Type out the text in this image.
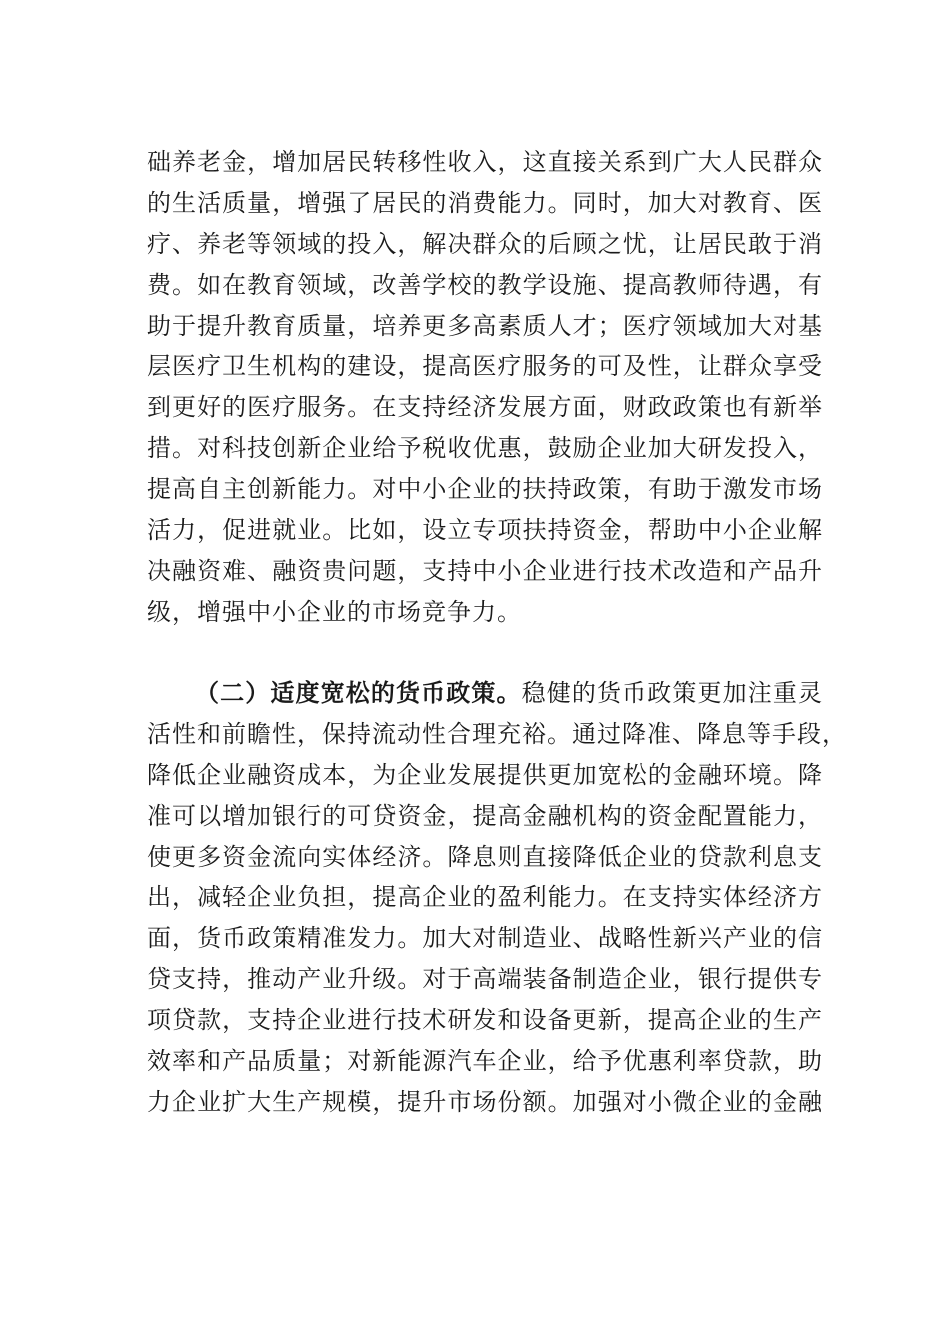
础养老金，增加居民转移性收入，这直接关系到广大人民群众
的生活质量，增强了居民的消费能力。同时，加大对教育、医
疗、养老等领域的投入，解决群众的后顾之忧，让居民敢于消
费。如在教育领域，改善学校的教学设施、提高教师待遇，有
助于提升教育质量，培养更多高素质人才；医疗领域加大对基
层医疗卫生机构的建设，提高医疗服务的可及性，让群众享受
到更好的医疗服务。在支持经济发展方面，财政政策也有新举
措。对科技创新企业给予税收优惠，鼓励企业加大研发投入，
提高自主创新能力。对中小企业的扶持政策，有助于激发市场
活力，促进就业。比如，设立专项扶持资金，帮助中小企业解
决融资难、融资贵问题，支持中小企业进行技术改造和产品升
级，增强中小企业的市场竞争力。
（二）适度宽松的货币政策。稳健的货币政策更加注重灵
活性和前瞻性，保持流动性合理充裕。通过降准、降息等手段，
降低企业融资成本，为企业发展提供更加宽松的金融环境。降
准可以增加银行的可贷资金，提高金融机构的资金配置能力，
使更多资金流向实体经济。降息则直接降低企业的贷款利息支
出，减轻企业负担，提高企业的盈利能力。在支持实体经济方
面，货币政策精准发力。加大对制造业、战略性新兴产业的信
贷支持，推动产业升级。对于高端装备制造企业，银行提供专
项贷款，支持企业进行技术研发和设备更新，提高企业的生产
效率和产品质量；对新能源汽车企业，给予优惠利率贷款，助
力企业扩大生产规模，提升市场份额。加强对小微企业的金融
